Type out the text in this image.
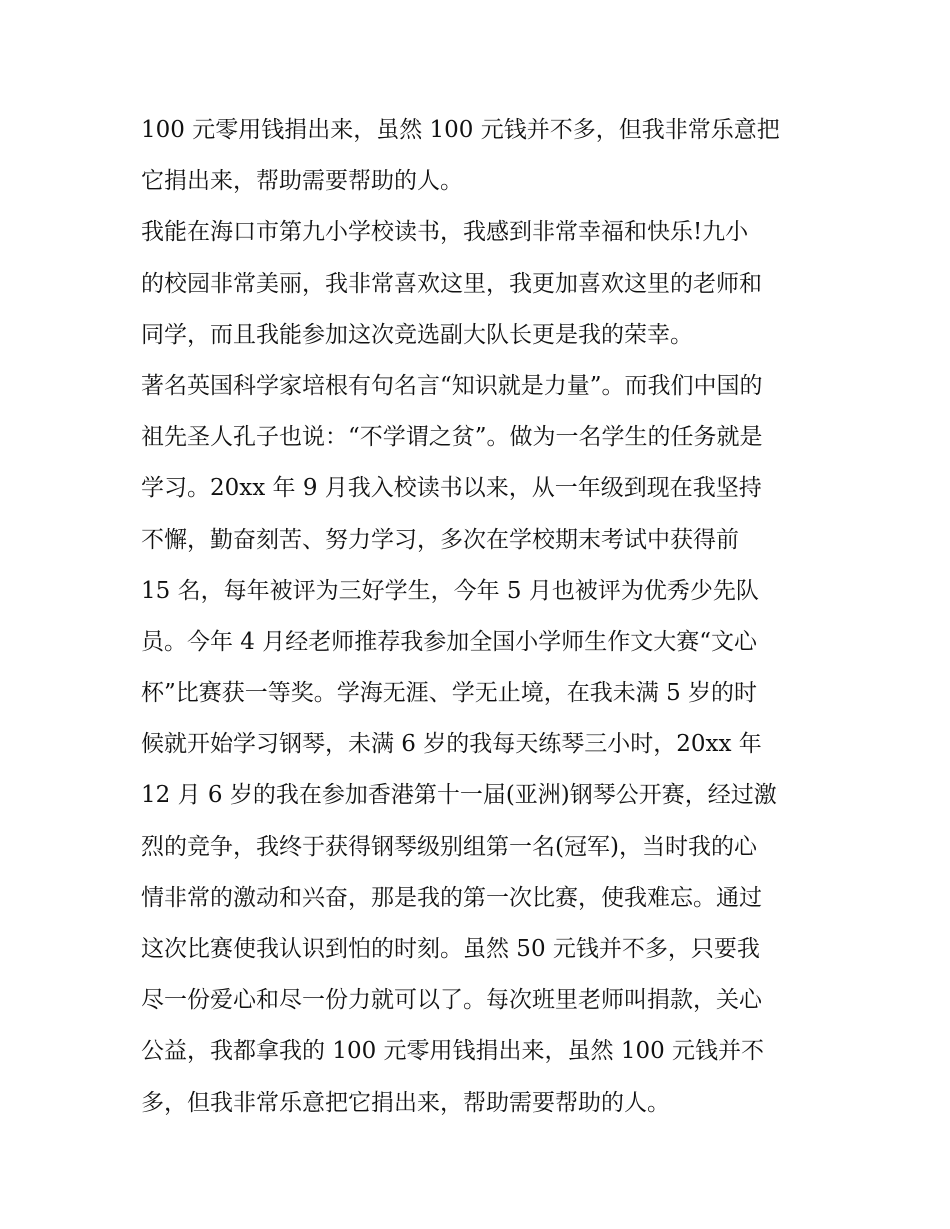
100 元零用钱捐出来，虽然 100 元钱并不多，但我非常乐意把
它捐出来，帮助需要帮助的人。
我能在海口市第九小学校读书，我感到非常幸福和快乐!九小
的校园非常美丽，我非常喜欢这里，我更加喜欢这里的老师和
同学，而且我能参加这次竞选副大队长更是我的荣幸。
著名英国科学家培根有句名言“知识就是力量”。而我们中国的
祖先圣人孔子也说：“不学谓之贫”。做为一名学生的任务就是
学习。20xx 年 9 月我入校读书以来，从一年级到现在我坚持
不懈，勤奋刻苦、努力学习，多次在学校期末考试中获得前
15 名，每年被评为三好学生，今年 5 月也被评为优秀少先队
员。今年 4 月经老师推荐我参加全国小学师生作文大赛“文心
杯”比赛获一等奖。学海无涯、学无止境，在我未满 5 岁的时
候就开始学习钢琴，未满 6 岁的我每天练琴三小时，20xx 年
12 月 6 岁的我在参加香港第十一届(亚洲)钢琴公开赛，经过激
烈的竞争，我终于获得钢琴级别组第一名(冠军)，当时我的心
情非常的激动和兴奋，那是我的第一次比赛，使我难忘。通过
这次比赛使我认识到怕的时刻。虽然 50 元钱并不多，只要我
尽一份爱心和尽一份力就可以了。每次班里老师叫捐款，关心
公益，我都拿我的 100 元零用钱捐出来，虽然 100 元钱并不
多，但我非常乐意把它捐出来，帮助需要帮助的人。
